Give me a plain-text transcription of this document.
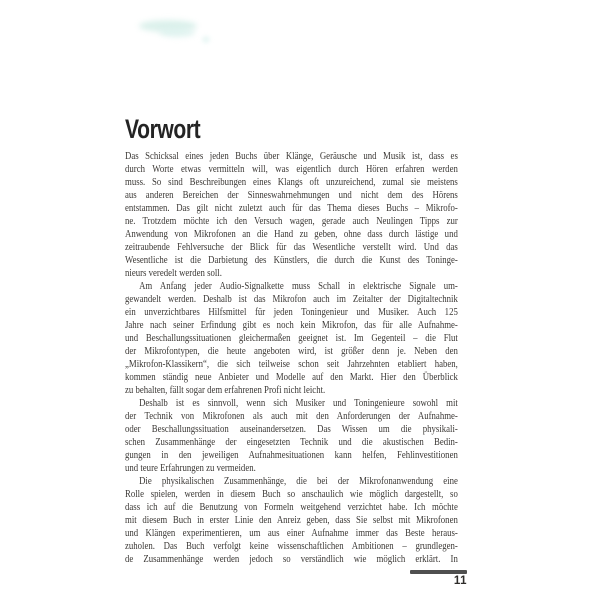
Vorwort
Das Schicksal eines jeden Buchs über Klänge, Geräusche und Musik ist, dass es
durch Worte etwas vermitteln will, was eigentlich durch Hören erfahren werden
muss. So sind Beschreibungen eines Klangs oft unzureichend, zumal sie meistens
aus anderen Bereichen der Sinneswahrnehmungen und nicht dem des Hörens
entstammen. Das gilt nicht zuletzt auch für das Thema dieses Buchs – Mikrofo-
ne. Trotzdem möchte ich den Versuch wagen, gerade auch Neulingen Tipps zur
Anwendung von Mikrofonen an die Hand zu geben, ohne dass durch lästige und
zeitraubende Fehlversuche der Blick für das Wesentliche verstellt wird. Und das
Wesentliche ist die Darbietung des Künstlers, die durch die Kunst des Toninge-
nieurs veredelt werden soll.
Am Anfang jeder Audio-Signalkette muss Schall in elektrische Signale um-
gewandelt werden. Deshalb ist das Mikrofon auch im Zeitalter der Digitaltechnik
ein unverzichtbares Hilfsmittel für jeden Toningenieur und Musiker. Auch 125
Jahre nach seiner Erfindung gibt es noch kein Mikrofon, das für alle Aufnahme-
und Beschallungssituationen gleichermaßen geeignet ist. Im Gegenteil – die Flut
der Mikrofontypen, die heute angeboten wird, ist größer denn je. Neben den
„Mikrofon-Klassikern“, die sich teilweise schon seit Jahrzehnten etabliert haben,
kommen ständig neue Anbieter und Modelle auf den Markt. Hier den Überblick
zu behalten, fällt sogar dem erfahrenen Profi nicht leicht.
Deshalb ist es sinnvoll, wenn sich Musiker und Toningenieure sowohl mit
der Technik von Mikrofonen als auch mit den Anforderungen der Aufnahme-
oder Beschallungssituation auseinandersetzen. Das Wissen um die physikali-
schen Zusammenhänge der eingesetzten Technik und die akustischen Bedin-
gungen in den jeweiligen Aufnahmesituationen kann helfen, Fehlinvestitionen
und teure Erfahrungen zu vermeiden.
Die physikalischen Zusammenhänge, die bei der Mikrofonanwendung eine
Rolle spielen, werden in diesem Buch so anschaulich wie möglich dargestellt, so
dass ich auf die Benutzung von Formeln weitgehend verzichtet habe. Ich möchte
mit diesem Buch in erster Linie den Anreiz geben, dass Sie selbst mit Mikrofonen
und Klängen experimentieren, um aus einer Aufnahme immer das Beste heraus-
zuholen. Das Buch verfolgt keine wissenschaftlichen Ambitionen – grundlegen-
de Zusammenhänge werden jedoch so verständlich wie möglich erklärt. In
11
